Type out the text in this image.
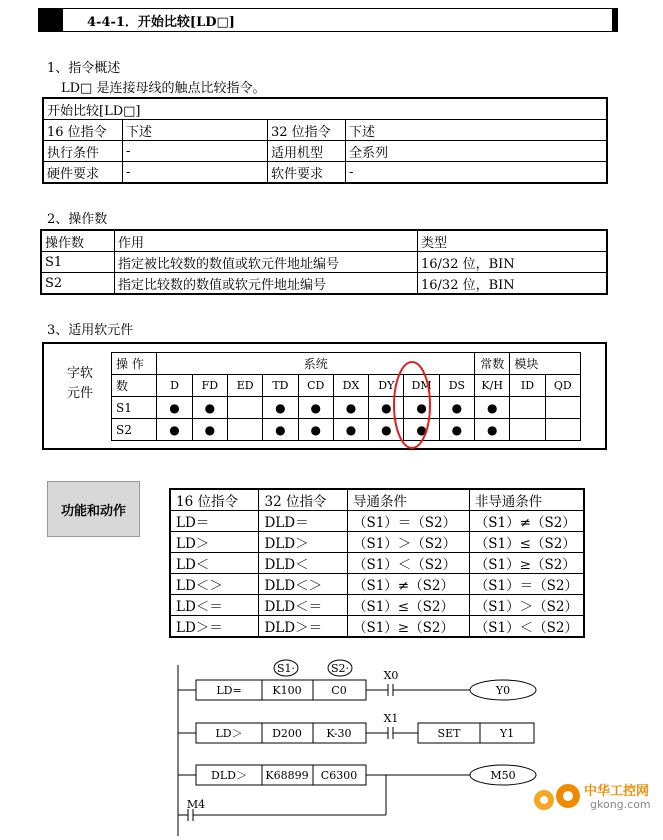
4-4-1．开始比较[LD□]
1、指令概述
LD□ 是连接母线的触点比较指令。
开始比较[LD□]			
16 位指令	下述	32 位指令	下述
执行条件	-	适用机型	全系列
硬件要求	-	软件要求	-
2、操作数
操作数	作用	类型
S1	指定被比较数的数值或软元件地址编号	16/32 位，BIN
S2	指定比较数的数值或软元件地址编号	16/32 位，BIN
3、适用软元件
字软
元件
操 作	系统									常数	模块	
数	D	FD	ED	TD	CD	DX	DY	DM	DS	K/H	ID	QD
S1	●	●		●	●	●	●	●	●	●		
S2	●	●		●	●	●	●	●	●	●		
功能和动作
16 位指令	32 位指令	导通条件	非导通条件
LD＝	DLD＝	（S1）＝（S2）	（S1）≠（S2）
LD＞	DLD＞	（S1）＞（S2）	（S1）≤（S2）
LD＜	DLD＜	（S1）＜（S2）	（S1）≥（S2）
LD＜＞	DLD＜＞	（S1）≠（S2）	（S1）＝（S2）
LD＜＝	DLD＜＝	（S1）≤（S2）	（S1）＞（S2）
LD＞＝	DLD＞＝	（S1）≥（S2）	（S1）＜（S2）
S1·	S2·
LD=	K100	C0
X0
Y0
LD＞	D200 K-30
X1
SET	Y1
DLD＞ K68899 C6300	M50
M4
中华工控网
gkong.com
